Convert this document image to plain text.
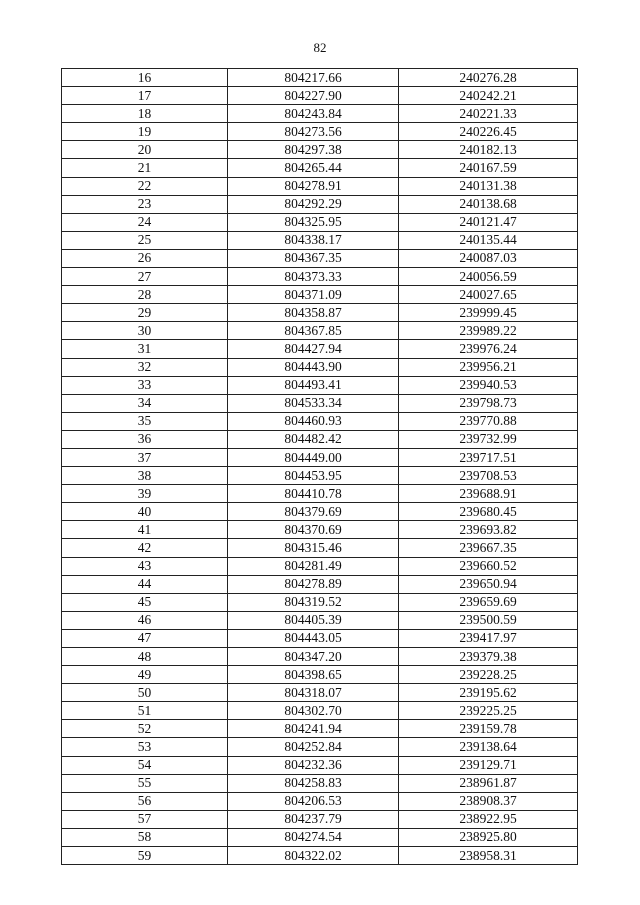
82
16	804217.66	240276.28
17	804227.90	240242.21
18	804243.84	240221.33
19	804273.56	240226.45
20	804297.38	240182.13
21	804265.44	240167.59
22	804278.91	240131.38
23	804292.29	240138.68
24	804325.95	240121.47
25	804338.17	240135.44
26	804367.35	240087.03
27	804373.33	240056.59
28	804371.09	240027.65
29	804358.87	239999.45
30	804367.85	239989.22
31	804427.94	239976.24
32	804443.90	239956.21
33	804493.41	239940.53
34	804533.34	239798.73
35	804460.93	239770.88
36	804482.42	239732.99
37	804449.00	239717.51
38	804453.95	239708.53
39	804410.78	239688.91
40	804379.69	239680.45
41	804370.69	239693.82
42	804315.46	239667.35
43	804281.49	239660.52
44	804278.89	239650.94
45	804319.52	239659.69
46	804405.39	239500.59
47	804443.05	239417.97
48	804347.20	239379.38
49	804398.65	239228.25
50	804318.07	239195.62
51	804302.70	239225.25
52	804241.94	239159.78
53	804252.84	239138.64
54	804232.36	239129.71
55	804258.83	238961.87
56	804206.53	238908.37
57	804237.79	238922.95
58	804274.54	238925.80
59	804322.02	238958.31
